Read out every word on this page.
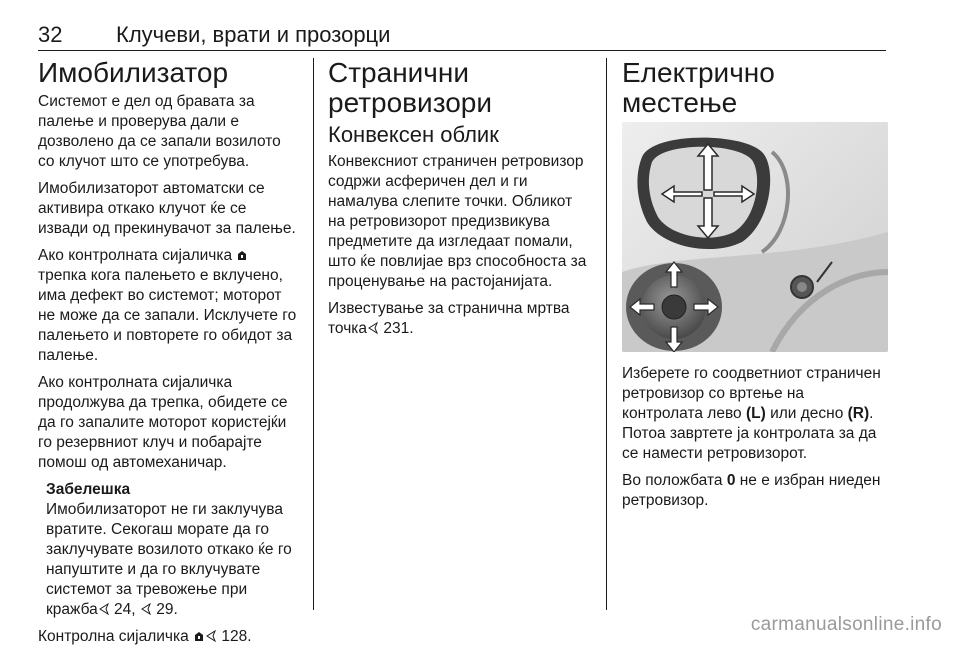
32 Клучеви, врати и прозорци
Имобилизатор

Системот е дел од бравата за палење и проверува дали е дозволено да се запали возилото со клучот што се употребува.

Имобилизаторот автоматски се активира откако клучот ќе се извади од прекинувачот за палење.

Ако контролната сијаличка  трепка кога палењето е вклучено, има дефект во системот; моторот не може да се запали. Исклучете го палењето и повторете го обидот за палење.

Ако контролната сијаличка продолжува да трепка, обидете се да го запалите моторот користејќи го резервниот клуч и побарајте помош од автомеханичар.

Забелешка

Имобилизаторот не ги заклучува вратите. Секогаш морате да го заклучувате возилото откако ќе го напуштите и да го вклучувате системот за тревожење при кражба 24,  29.

Контролна сијаличка  128.

Странични
ретровизори
Конвексен облик

Конвексниот страничен ретровизор содржи асферичен дел и ги намалува слепите точки. Обликот на ретровизорот предизвикува предметите да изгледаат помали, што ќе повлијае врз способноста за проценување на растојанијата.

Известување за странична мртва точка 231.

Електрично местење

Изберете го соодветниот страничен ретровизор со вртење на контролата лево (L) или десно (R). Потоа завртете ја контролата за да се намести ретровизорот.

Во положбата 0 не е избран ниеден ретровизор.

carmanualsonline.info
